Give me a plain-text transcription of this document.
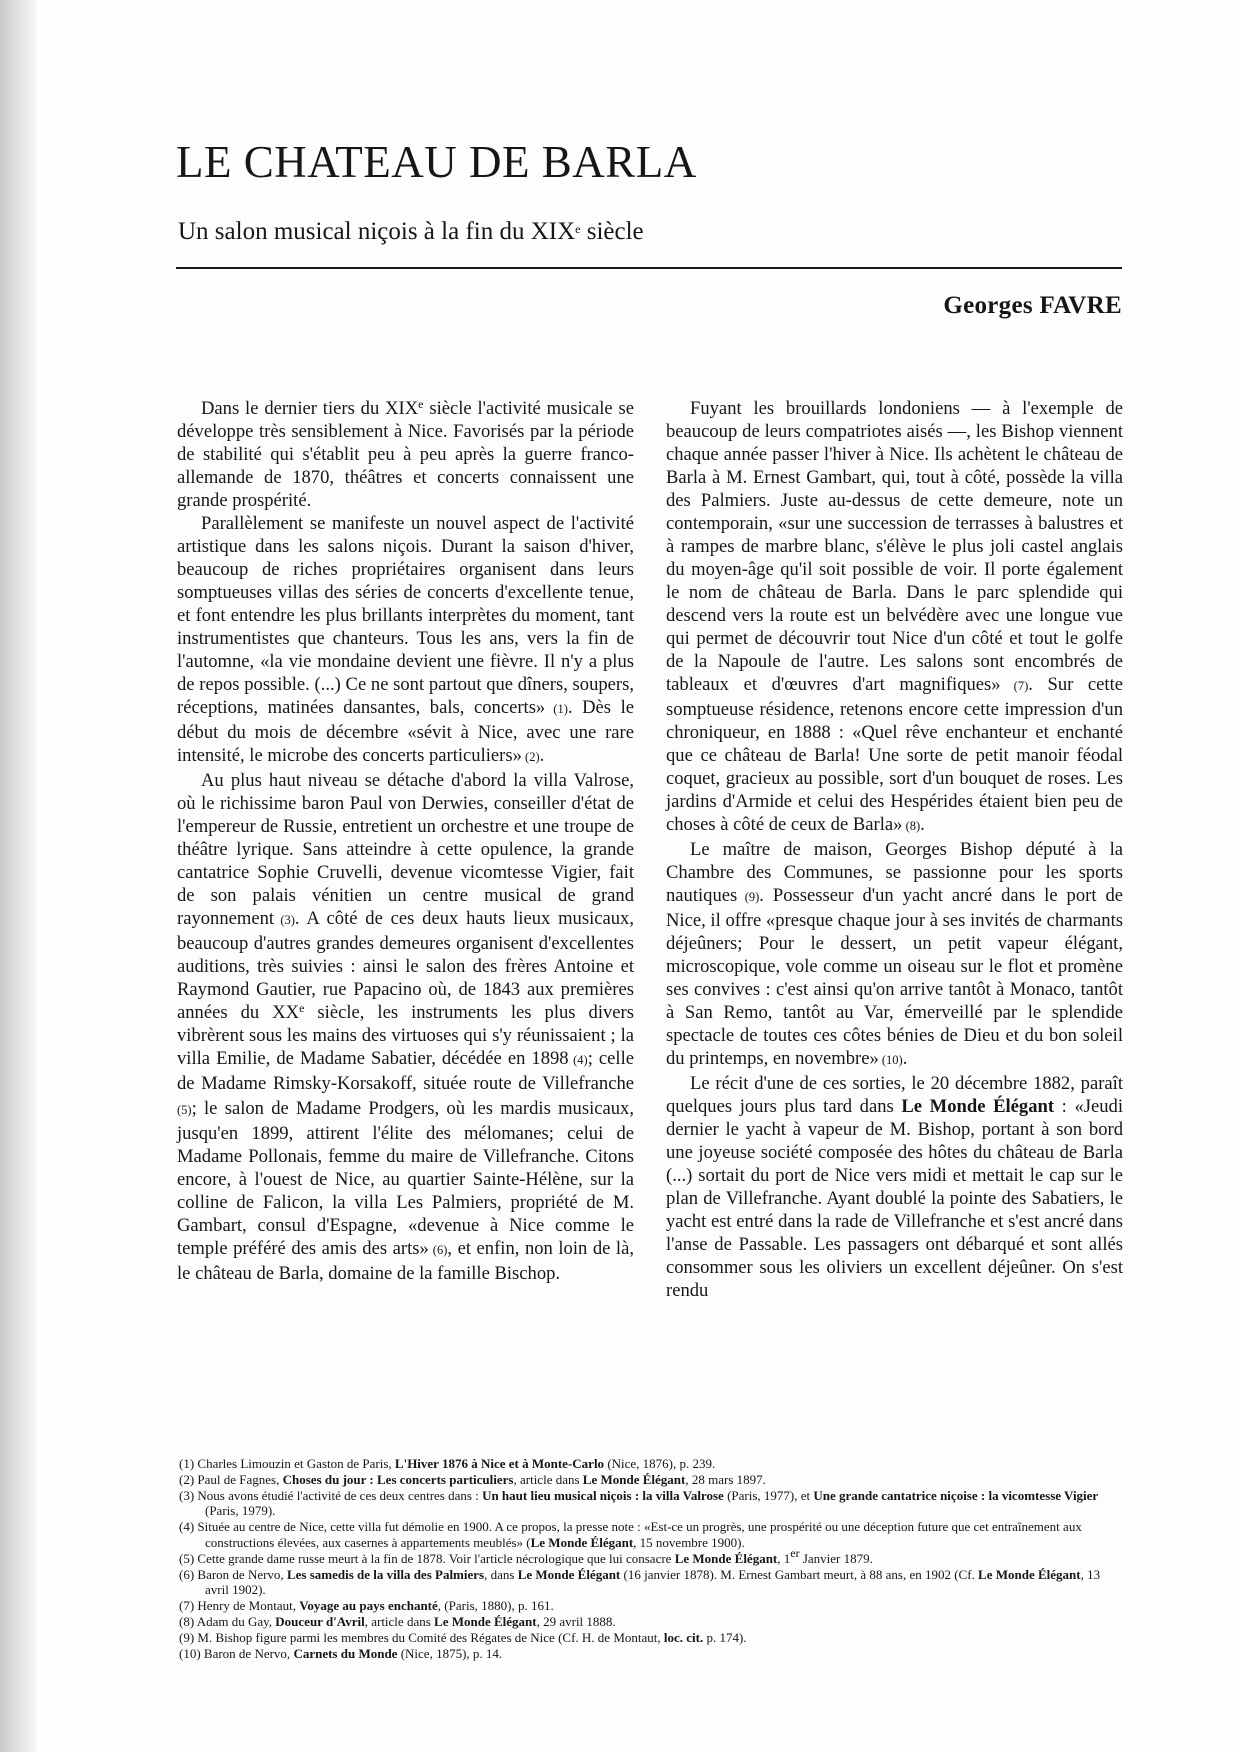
LE CHATEAU DE BARLA
Un salon musical niçois à la fin du XIXe siècle
Georges FAVRE

Dans le dernier tiers du XIXe siècle l'activité musicale se développe très sensiblement à Nice. Favorisés par la période de stabilité qui s'établit peu à peu après la guerre franco-allemande de 1870, théâtres et concerts connaissent une grande prospérité.

Parallèlement se manifeste un nouvel aspect de l'activité artistique dans les salons niçois. Durant la saison d'hiver, beaucoup de riches propriétaires organisent dans leurs somptueuses villas des séries de concerts d'excellente tenue, et font entendre les plus brillants interprètes du moment, tant instrumentistes que chanteurs. Tous les ans, vers la fin de l'automne, «la vie mondaine devient une fièvre. Il n'y a plus de repos possible. (...) Ce ne sont partout que dîners, soupers, réceptions, matinées dansantes, bals, concerts» (1). Dès le début du mois de décembre «sévit à Nice, avec une rare intensité, le microbe des concerts particuliers» (2).

Au plus haut niveau se détache d'abord la villa Valrose, où le richissime baron Paul von Derwies, conseiller d'état de l'empereur de Russie, entretient un orchestre et une troupe de théâtre lyrique. Sans atteindre à cette opulence, la grande cantatrice Sophie Cruvelli, devenue vicomtesse Vigier, fait de son palais vénitien un centre musical de grand rayonnement (3). A côté de ces deux hauts lieux musicaux, beaucoup d'autres grandes demeures organisent d'excellentes auditions, très suivies : ainsi le salon des frères Antoine et Raymond Gautier, rue Papacino où, de 1843 aux premières années du XXe siècle, les instruments les plus divers vibrèrent sous les mains des virtuoses qui s'y réunissaient ; la villa Emilie, de Madame Sabatier, décédée en 1898 (4); celle de Madame Rimsky-Korsakoff, située route de Villefranche (5); le salon de Madame Prodgers, où les mardis musicaux, jusqu'en 1899, attirent l'élite des mélomanes; celui de Madame Pollonais, femme du maire de Villefranche. Citons encore, à l'ouest de Nice, au quartier Sainte-Hélène, sur la colline de Falicon, la villa Les Palmiers, propriété de M. Gambart, consul d'Espagne, «devenue à Nice comme le temple préféré des amis des arts» (6), et enfin, non loin de là, le château de Barla, domaine de la famille Bischop.

Fuyant les brouillards londoniens — à l'exemple de beaucoup de leurs compatriotes aisés —, les Bishop viennent chaque année passer l'hiver à Nice. Ils achètent le château de Barla à M. Ernest Gambart, qui, tout à côté, possède la villa des Palmiers. Juste au-dessus de cette demeure, note un contemporain, «sur une succession de terrasses à balustres et à rampes de marbre blanc, s'élève le plus joli castel anglais du moyen-âge qu'il soit possible de voir. Il porte également le nom de château de Barla. Dans le parc splendide qui descend vers la route est un belvédère avec une longue vue qui permet de découvrir tout Nice d'un côté et tout le golfe de la Napoule de l'autre. Les salons sont encombrés de tableaux et d'œuvres d'art magnifiques» (7). Sur cette somptueuse résidence, retenons encore cette impression d'un chroniqueur, en 1888 : «Quel rêve enchanteur et enchanté que ce château de Barla! Une sorte de petit manoir féodal coquet, gracieux au possible, sort d'un bouquet de roses. Les jardins d'Armide et celui des Hespérides étaient bien peu de choses à côté de ceux de Barla» (8).

Le maître de maison, Georges Bishop député à la Chambre des Communes, se passionne pour les sports nautiques (9). Possesseur d'un yacht ancré dans le port de Nice, il offre «presque chaque jour à ses invités de charmants déjeûners; Pour le dessert, un petit vapeur élégant, microscopique, vole comme un oiseau sur le flot et promène ses convives : c'est ainsi qu'on arrive tantôt à Monaco, tantôt à San Remo, tantôt au Var, émerveillé par le splendide spectacle de toutes ces côtes bénies de Dieu et du bon soleil du printemps, en novembre» (10).

Le récit d'une de ces sorties, le 20 décembre 1882, paraît quelques jours plus tard dans Le Monde Élégant : «Jeudi dernier le yacht à vapeur de M. Bishop, portant à son bord une joyeuse société composée des hôtes du château de Barla (...) sortait du port de Nice vers midi et mettait le cap sur le plan de Villefranche. Ayant doublé la pointe des Sabatiers, le yacht est entré dans la rade de Villefranche et s'est ancré dans l'anse de Passable. Les passagers ont débarqué et sont allés consommer sous les oliviers un excellent déjeûner. On s'est rendu

(1) Charles Limouzin et Gaston de Paris, L'Hiver 1876 à Nice et à Monte-Carlo (Nice, 1876), p. 239.
(2) Paul de Fagnes, Choses du jour : Les concerts particuliers, article dans Le Monde Élégant, 28 mars 1897.
(3) Nous avons étudié l'activité de ces deux centres dans : Un haut lieu musical niçois : la villa Valrose (Paris, 1977), et Une grande cantatrice niçoise : la vicomtesse Vigier (Paris, 1979).
(4) Située au centre de Nice, cette villa fut démolie en 1900. A ce propos, la presse note : «Est-ce un progrès, une prospérité ou une déception future que cet entraînement aux constructions élevées, aux casernes à appartements meublés» (Le Monde Élégant, 15 novembre 1900).
(5) Cette grande dame russe meurt à la fin de 1878. Voir l'article nécrologique que lui consacre Le Monde Élégant, 1er Janvier 1879.
(6) Baron de Nervo, Les samedis de la villa des Palmiers, dans Le Monde Élégant (16 janvier 1878). M. Ernest Gambart meurt, à 88 ans, en 1902 (Cf. Le Monde Élégant, 13 avril 1902).
(7) Henry de Montaut, Voyage au pays enchanté, (Paris, 1880), p. 161.
(8) Adam du Gay, Douceur d'Avril, article dans Le Monde Élégant, 29 avril 1888.
(9) M. Bishop figure parmi les membres du Comité des Régates de Nice (Cf. H. de Montaut, loc. cit. p. 174).
(10) Baron de Nervo, Carnets du Monde (Nice, 1875), p. 14.
